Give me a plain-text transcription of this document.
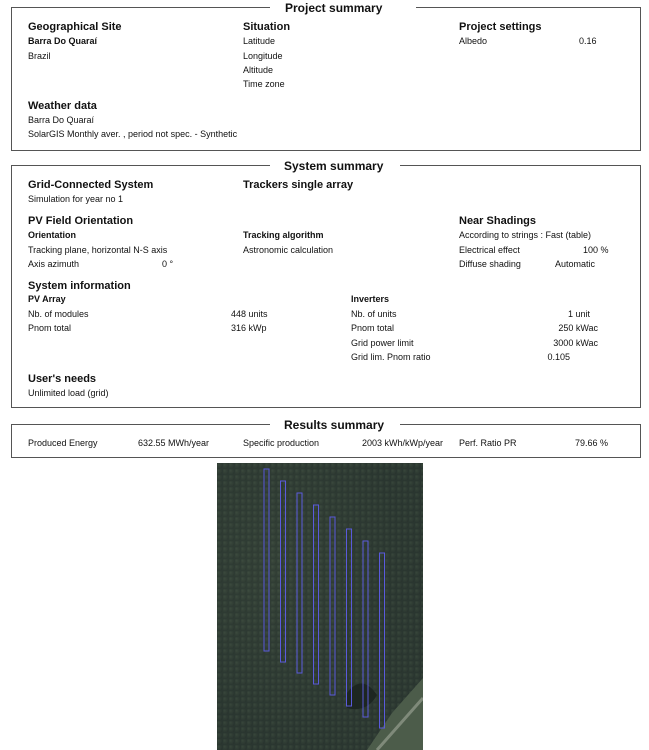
Project summary
Geographical Site
Barra Do Quaraí
Brazil
Situation
Latitude
Longitude
Altitude
Time zone
Project settings
Albedo	0.16
Weather data
Barra Do Quaraí
SolarGIS Monthly aver. , period not spec. - Synthetic
System summary
Grid-Connected System
Simulation for year no 1
Trackers single array
PV Field Orientation
Orientation
Tracking plane, horizontal N-S axis
Axis azimuth	0 °
Tracking algorithm
Astronomic calculation
Near Shadings
According to strings : Fast (table)
Electrical effect	100 %
Diffuse shading	Automatic
System information
PV Array
Nb. of modules	448 units
Pnom total	316 kWp
Inverters
Nb. of units	1 unit
Pnom total	250 kWac
Grid power limit	3000 kWac
Grid lim. Pnom ratio	0.105
User's needs
Unlimited load (grid)
Results summary
Produced Energy	632.55 MWh/year	Specific production	2003 kWh/kWp/year Perf. Ratio PR	79.66 %
